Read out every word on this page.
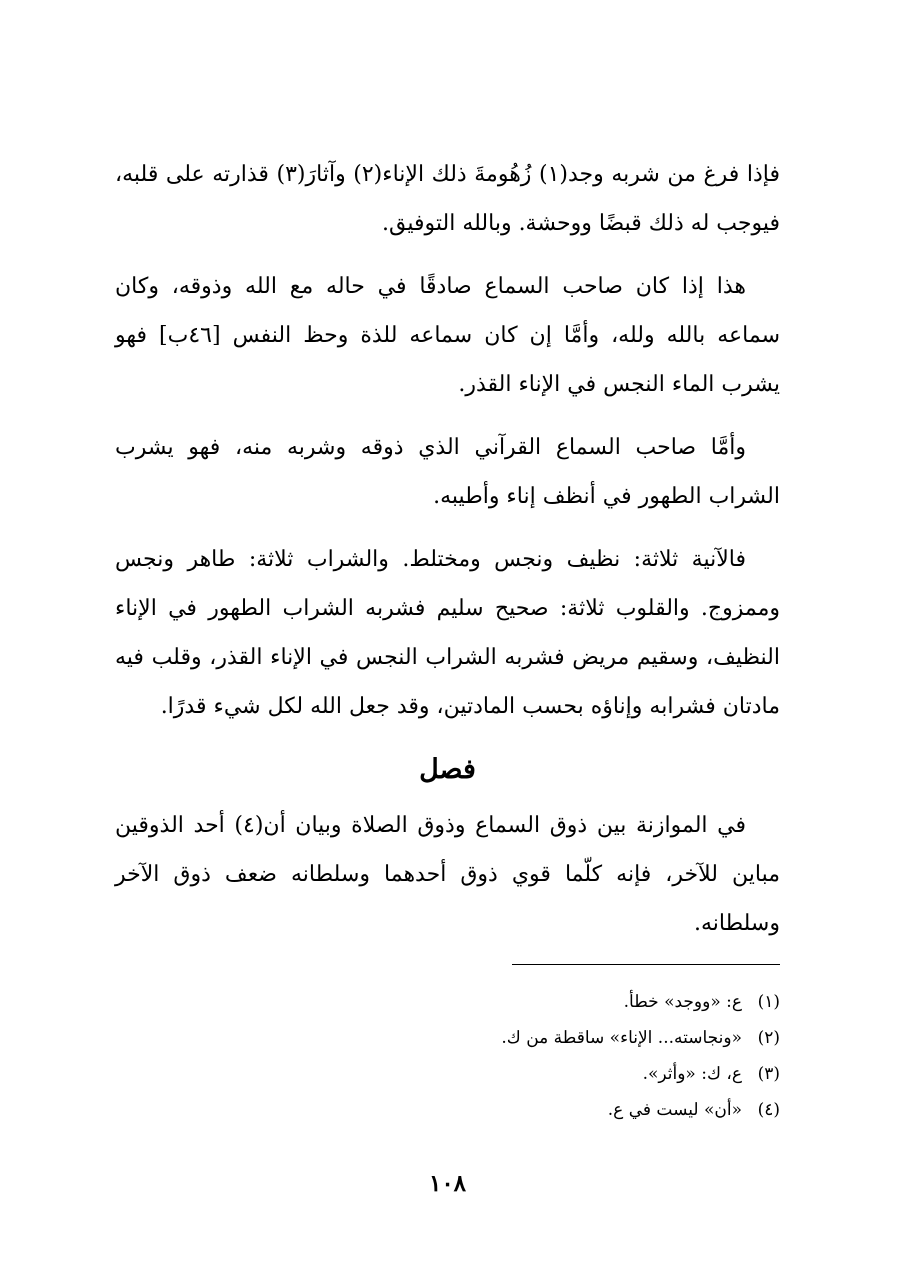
فإذا فرغ من شربه وجد(١) زُهُومةَ ذلك الإناء(٢) وآثارَ(٣) قذارته على قلبه، فيوجب له ذلك قبضًا ووحشة. وبالله التوفيق.

هذا إذا كان صاحب السماع صادقًا في حاله مع الله وذوقه، وكان سماعه بالله ولله، وأمَّا إن كان سماعه للذة وحظ النفس [٤٦ب] فهو يشرب الماء النجس في الإناء القذر.

وأمَّا صاحب السماع القرآني الذي ذوقه وشربه منه، فهو يشرب الشراب الطهور في أنظف إناء وأطيبه.

فالآنية ثلاثة: نظيف ونجس ومختلط. والشراب ثلاثة: طاهر ونجس وممزوج. والقلوب ثلاثة: صحيح سليم فشربه الشراب الطهور في الإناء النظيف، وسقيم مريض فشربه الشراب النجس في الإناء القذر، وقلب فيه مادتان فشرابه وإناؤه بحسب المادتين، وقد جعل الله لكل شيء قدرًا.

فصل

في الموازنة بين ذوق السماع وذوق الصلاة وبيان أن(٤) أحد الذوقين مباين للآخر، فإنه كلّما قوي ذوق أحدهما وسلطانه ضعف ذوق الآخر وسلطانه.

(١)
ع: «ووجد» خطأ.
(٢)
«ونجاسته... الإناء» ساقطة من ك.
(٣)
ع، ك: «وأثر».
(٤)
«أن» ليست في ع.
١٠٨
